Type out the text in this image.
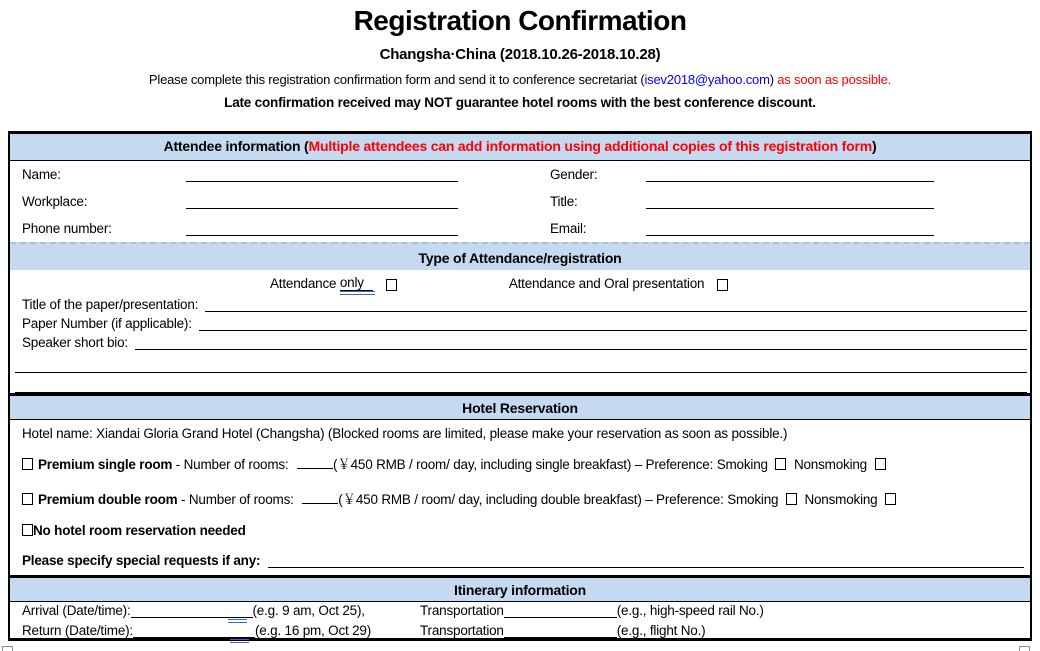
Registration Confirmation
Changsha·China (2018.10.26-2018.10.28)
Please complete this registration confirmation form and send it to conference secretariat (isev2018@yahoo.com) as soon as possible.
Late confirmation received may NOT guarantee hotel rooms with the best conference discount.
Attendee information (Multiple attendees can add information using additional copies of this registration form)
Name:	Gender:
Workplace:	Title:
Phone number:	Email:
Type of Attendance/registration
Attendance only	Attendance and Oral presentation
Title of the paper/presentation:
Paper Number (if applicable):
Speaker short bio:
Hotel Reservation
Hotel name: Xiandai Gloria Grand Hotel (Changsha) (Blocked rooms are limited, please make your reservation as soon as possible.)
Premium single room - Number of rooms:	(￥450 RMB / room/ day, including single breakfast) – Preference: Smoking Nonsmoking
Premium double room - Number of rooms:	(￥450 RMB / room/ day, including double breakfast) – Preference: Smoking Nonsmoking
No hotel room reservation needed
Please specify special requests if any:
Itinerary information
Arrival (Date/time):	(e.g. 9 am, Oct 25),	Transportation	(e.g., high-speed rail No.)
Return (Date/time):	(e.g. 16 pm, Oct 29)	Transportation	(e.g., flight No.)
